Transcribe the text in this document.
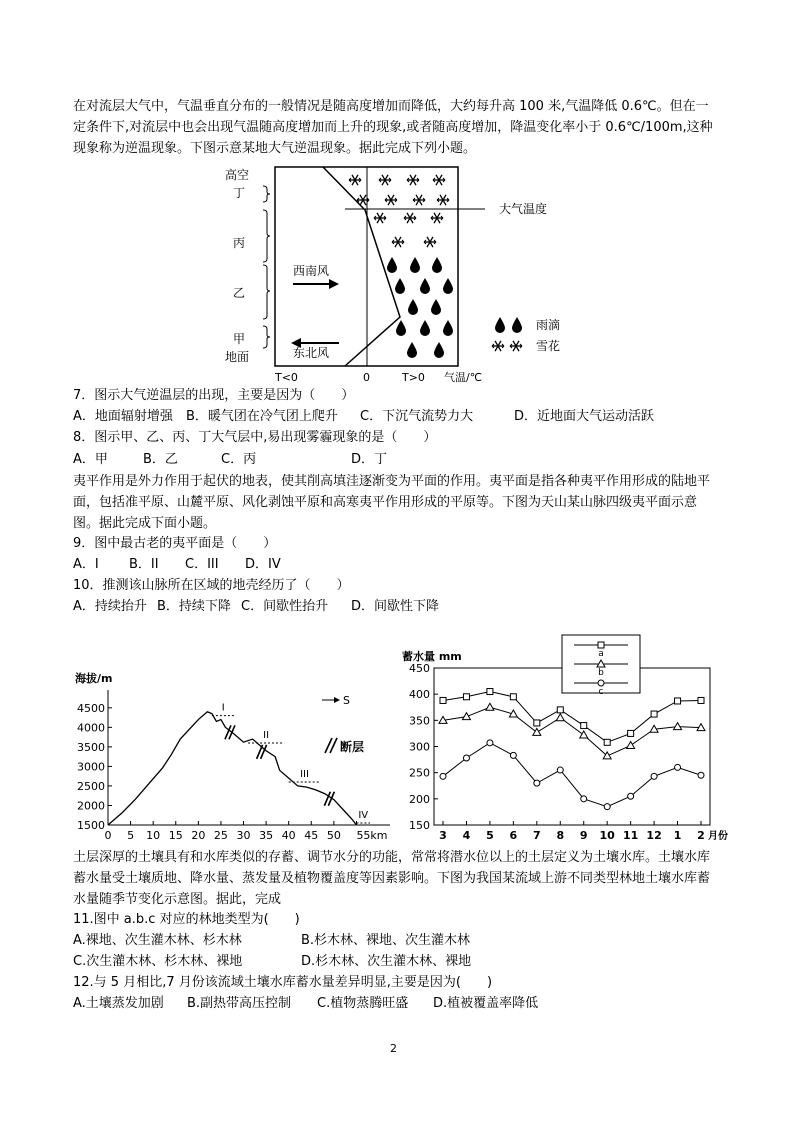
在对流层大气中，气温垂直分布的一般情况是随高度增加而降低，大约每升高 100 米,气温降低 0.6℃。但在一定条件下,对流层中也会出现气温随高度增加而上升的现象,或者随高度增加，降温变化率小于 0.6℃/100m,这种现象称为逆温现象。下图示意某地大气逆温现象。据此完成下列小题。

高空
丁
丙
乙
甲
地面
大气温度
西南风
东北风
雨滴
雪花
T<0	0	T>0 气温/℃
7．图示大气逆温层的出现，主要是因为（　　）
A．地面辐射增强 B．暖气团在冷气团上爬升 C．下沉气流势力大	D．近地面大气运动活跃
8．图示甲、乙、丙、丁大气层中,易出现雾霾现象的是（　　）
A．甲	B．乙	C．丙	D．丁

夷平作用是外力作用于起伏的地表，使其削高填洼逐渐变为平面的作用。夷平面是指各种夷平作用形成的陆地平面，包括准平原、山麓平原、风化剥蚀平原和高寒夷平作用形成的平原等。下图为天山某山脉四级夷平面示意图。据此完成下面小题。

9．图中最古老的夷平面是（　　）
A．I B．II C．III D．IV
10．推测该山脉所在区域的地壳经历了（　　）
A．持续抬升 B．持续下降 C．间歇性抬升 D．间歇性下降
海拔/m
1500
2000
2500
3000
3500
4000
4500
0 5 10 15 20 25 30 35 40 45 50 55km
I
II
III
IV
S
断层
蓄水量 mm
150
200
250
300
350
400
450
3 4 5 6 7 8 9 10 11 12 1 2 月份
a
b
c

土层深厚的土壤具有和水库类似的存蓄、调节水分的功能，常常将潜水位以上的土层定义为土壤水库。土壤水库蓄水量受土壤质地、降水量、蒸发量及植物覆盖度等因素影响。下图为我国某流域上游不同类型林地土壤水库蓄水量随季节变化示意图。据此，完成

11.图中 a.b.c 对应的林地类型为(　　)
A.裸地、次生灌木林、杉木林	B.杉木林、裸地、次生灌木林
C.次生灌木林、杉木林、裸地	D.杉木林、次生灌木林、裸地
12.与 5 月相比,7 月份该流域土壤水库蓄水量差异明显,主要是因为(　　)
A.土壤蒸发加剧 B.副热带高压控制 C.植物蒸腾旺盛 D.植被覆盖率降低
2
